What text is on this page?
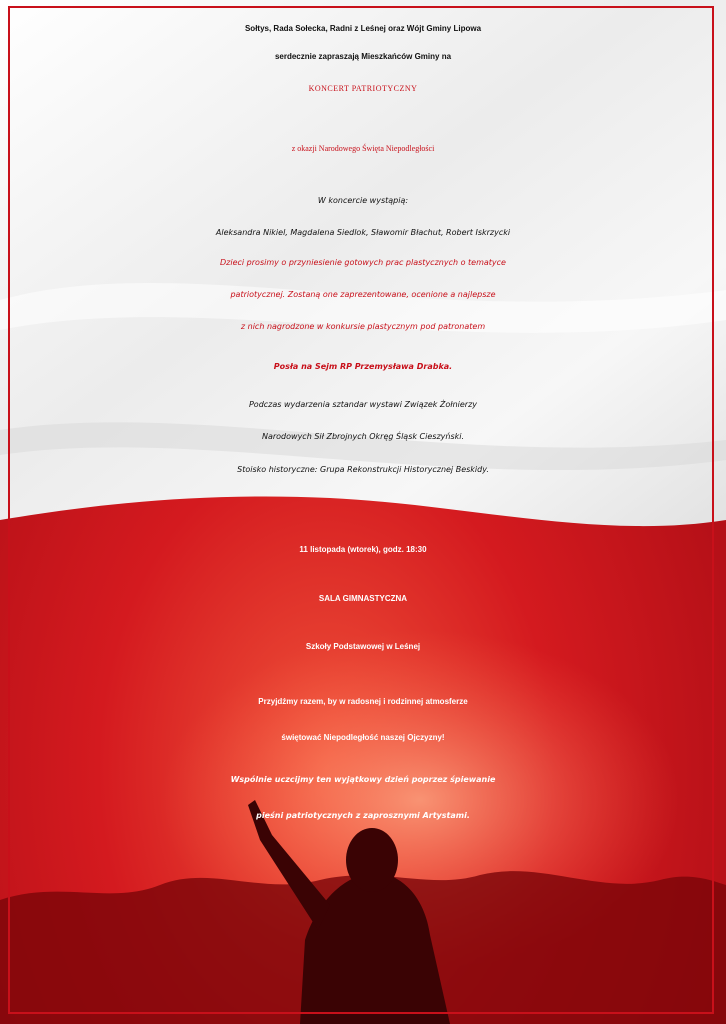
Sołtys, Rada Sołecka, Radni z Leśnej oraz Wójt Gminy Lipowa

serdecznie zapraszają Mieszkańców Gminy na

KONCERT PATRIOTYCZNY

z okazji Narodowego Święta Niepodległości

W koncercie wystąpią:

Aleksandra Nikiel, Magdalena Siedlok, Sławomir Błachut, Robert Iskrzycki

Dzieci prosimy o przyniesienie gotowych prac plastycznych o tematyce

patriotycznej. Zostaną one zaprezentowane, ocenione a najlepsze

z nich nagrodzone w konkursie plastycznym pod patronatem

Posła na Sejm RP Przemysława Drabka.

Podczas wydarzenia sztandar wystawi Związek Żołnierzy

Narodowych Sił Zbrojnych Okręg Śląsk Cieszyński.

Stoisko historyczne: Grupa Rekonstrukcji Historycznej Beskidy.

11 listopada (wtorek), godz. 18:30

SALA GIMNASTYCZNA

Szkoły Podstawowej w Leśnej

Przyjdźmy razem, by w radosnej i rodzinnej atmosferze

świętować Niepodległość naszej Ojczyzny!

Wspólnie uczcijmy ten wyjątkowy dzień poprzez śpiewanie

pieśni patriotycznych z zaprosznymi Artystami.
